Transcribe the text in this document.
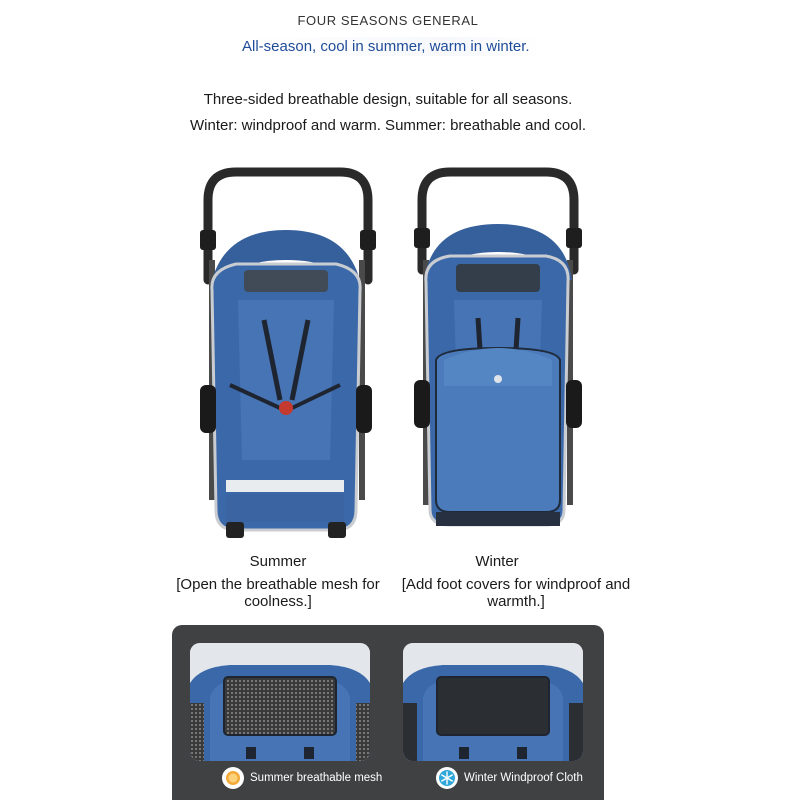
FOUR SEASONS GENERAL
All-season, cool in summer, warm in winter.
Three-sided breathable design, suitable for all seasons.
Winter: windproof and warm. Summer: breathable and cool.
Summer	Winter
[Open the breathable mesh for coolness.]
[Add foot covers for windproof and warmth.]
Summer breathable mesh	Winter Windproof Cloth
